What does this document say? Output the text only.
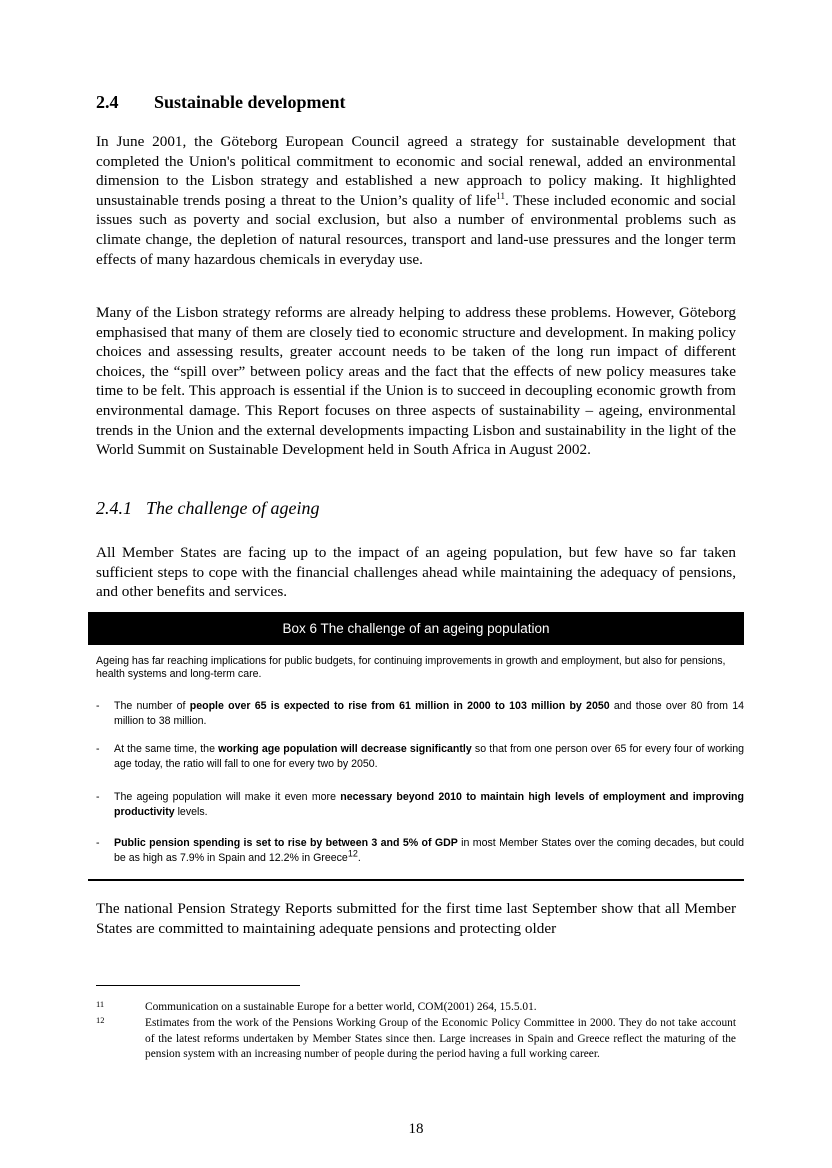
2.4 Sustainable development
In June 2001, the Göteborg European Council agreed a strategy for sustainable development that completed the Union's political commitment to economic and social renewal, added an environmental dimension to the Lisbon strategy and established a new approach to policy making. It highlighted unsustainable trends posing a threat to the Union’s quality of life$^{11}$. These included economic and social issues such as poverty and social exclusion, but also a number of environmental problems such as climate change, the depletion of natural resources, transport and land-use pressures and the longer term effects of many hazardous chemicals in everyday use.
Many of the Lisbon strategy reforms are already helping to address these problems. However, Göteborg emphasised that many of them are closely tied to economic structure and development. In making policy choices and assessing results, greater account needs to be taken of the long run impact of different choices, the “spill over” between policy areas and the fact that the effects of new policy measures take time to be felt. This approach is essential if the Union is to succeed in decoupling economic growth from environmental damage. This Report focuses on three aspects of sustainability – ageing, environmental trends in the Union and the external developments impacting Lisbon and sustainability in the light of the World Summit on Sustainable Development held in South Africa in August 2002.
2.4.1 The challenge of ageing
All Member States are facing up to the impact of an ageing population, but few have so far taken sufficient steps to cope with the financial challenges ahead while maintaining the adequacy of pensions, and other benefits and services.
Box 6 The challenge of an ageing population
Ageing has far reaching implications for public budgets, for continuing improvements in growth and employment, but also for pensions, health systems and long-term care.
- The number of people over 65 is expected to rise from 61 million in 2000 to 103 million by 2050 and those over 80 from 14 million to 38 million.
- At the same time, the working age population will decrease significantly so that from one person over 65 for every four of working age today, the ratio will fall to one for every two by 2050.
- The ageing population will make it even more necessary beyond 2010 to maintain high levels of employment and improving productivity levels.
- Public pension spending is set to rise by between 3 and 5% of GDP in most Member States over the coming decades, but could be as high as 7.9% in Spain and 12.2% in Greece$^{12}$.
The national Pension Strategy Reports submitted for the first time last September show that all Member States are committed to maintaining adequate pensions and protecting older
11	Communication on a sustainable Europe for a better world, COM(2001) 264, 15.5.01.
12	Estimates from the work of the Pensions Working Group of the Economic Policy Committee in 2000. They do not take account of the latest reforms undertaken by Member States since then. Large increases in Spain and Greece reflect the maturing of the pension system with an increasing number of people during the period having a full working career.
18
